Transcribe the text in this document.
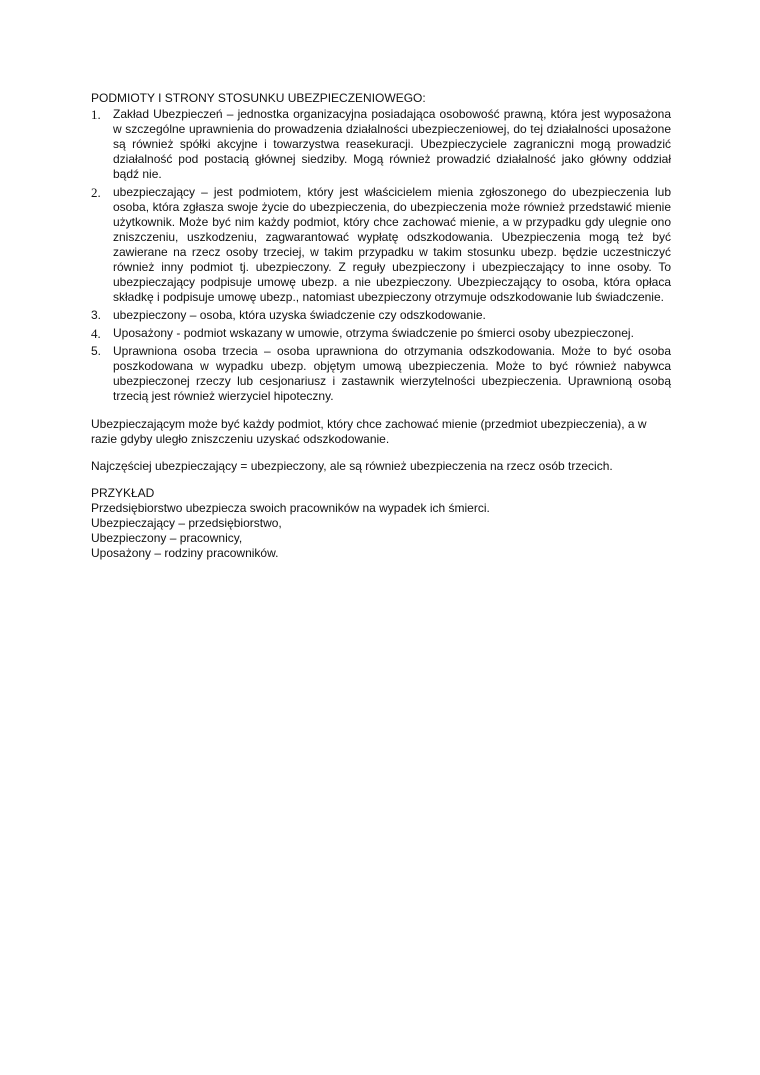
PODMIOTY I STRONY STOSUNKU UBEZPIECZENIOWEGO:
1.	Zakład Ubezpieczeń – jednostka organizacyjna posiadająca osobowość prawną, która jest wyposażona w szczególne uprawnienia do prowadzenia działalności ubezpieczeniowej, do tej działalności uposażone są również spółki akcyjne i towarzystwa reasekuracji. Ubezpieczyciele zagraniczni mogą prowadzić działalność pod postacią głównej siedziby. Mogą również prowadzić działalność jako główny oddział bądź nie.
2.	ubezpieczający – jest podmiotem, który jest właścicielem mienia zgłoszonego do ubezpieczenia lub osoba, która zgłasza swoje życie do ubezpieczenia, do ubezpieczenia może również przedstawić mienie użytkownik. Może być nim każdy podmiot, który chce zachować mienie, a w przypadku gdy ulegnie ono zniszczeniu, uszkodzeniu, zagwarantować wypłatę odszkodowania. Ubezpieczenia mogą też być zawierane na rzecz osoby trzeciej, w takim przypadku w takim stosunku ubezp. będzie uczestniczyć również inny podmiot tj. ubezpieczony. Z reguły ubezpieczony i ubezpieczający to inne osoby. To ubezpieczający podpisuje umowę ubezp. a nie ubezpieczony. Ubezpieczający to osoba, która opłaca składkę i podpisuje umowę ubezp., natomiast ubezpieczony otrzymuje odszkodowanie lub świadczenie.
3. ubezpieczony – osoba, która uzyska świadczenie czy odszkodowanie.
4.	Uposażony - podmiot wskazany w umowie, otrzyma świadczenie po śmierci osoby ubezpieczonej.
5. Uprawniona osoba trzecia – osoba uprawniona do otrzymania odszkodowania. Może to być osoba poszkodowana w wypadku ubezp. objętym umową ubezpieczenia. Może to być również nabywca ubezpieczonej rzeczy lub cesjonariusz i zastawnik wierzytelności ubezpieczenia. Uprawnioną osobą trzecią jest również wierzyciel hipoteczny.

Ubezpieczającym może być każdy podmiot, który chce zachować mienie (przedmiot ubezpieczenia), a w razie gdyby uległo zniszczeniu uzyskać odszkodowanie.

Najczęściej ubezpieczający = ubezpieczony, ale są również ubezpieczenia na rzecz osób trzecich.

PRZYKŁAD
Przedsiębiorstwo ubezpiecza swoich pracowników na wypadek ich śmierci.
Ubezpieczający – przedsiębiorstwo,
Ubezpieczony – pracownicy,
Uposażony – rodziny pracowników.
